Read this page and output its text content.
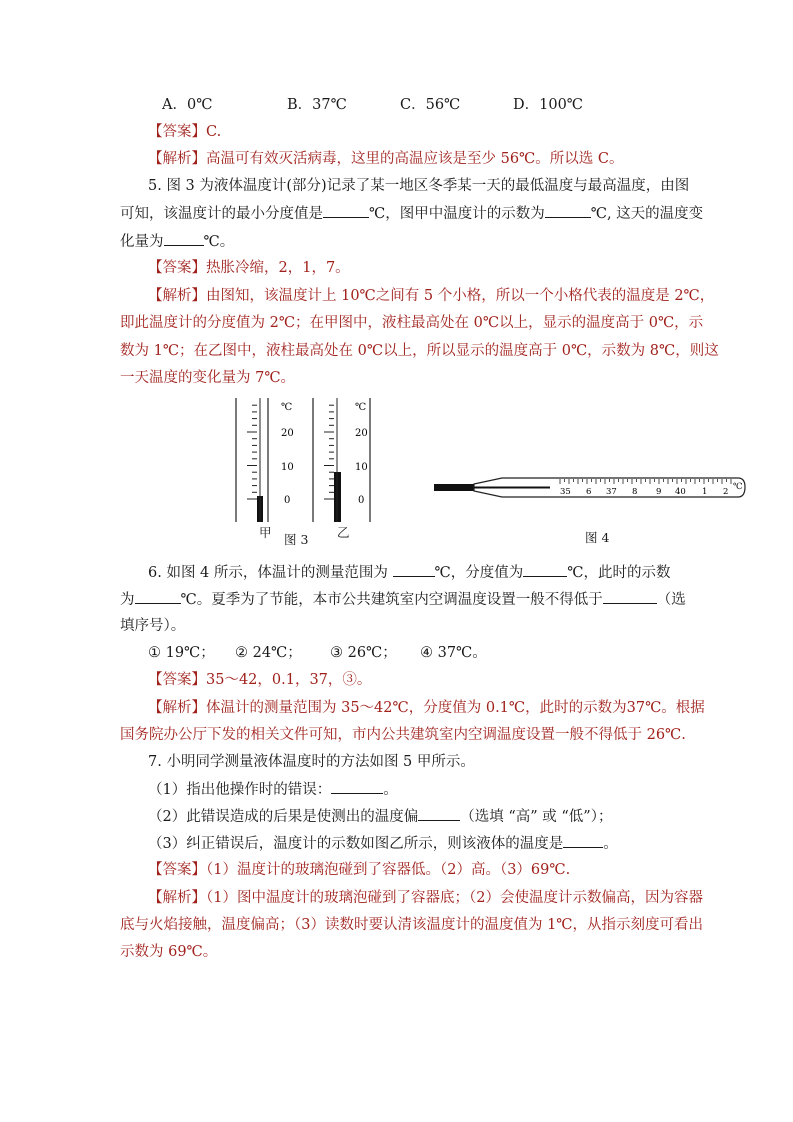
A．0℃	B．37℃	C．56℃	D．100℃
【答案】C.
【解析】高温可有效灭活病毒，这里的高温应该是至少 56℃。所以选 C。
5. 图 3 为液体温度计(部分)记录了某一地区冬季某一天的最低温度与最高温度，由图
可知，该温度计的最小分度值是	℃，图甲中温度计的示数为	℃, 这天的温度变
化量为	℃。
【答案】热胀冷缩，2，1，7。
【解析】由图知，该温度计上 10℃之间有 5 个小格，所以一个小格代表的温度是 2℃，
即此温度计的分度值为 2℃；在甲图中，液柱最高处在 0℃以上，显示的温度高于 0℃，示
数为 1℃；在乙图中，液柱最高处在 0℃以上，所以显示的温度高于 0℃，示数为 8℃，则这
一天温度的变化量为 7℃。
℃
20
10
0
℃
20
10
0
甲 图 3 乙
35 6 37 8 9 40 1 2 ℃
图 4
6. 如图 4 所示，体温计的测量范围为	℃，分度值为	℃，此时的示数
为	℃。夏季为了节能，本市公共建筑室内空调温度设置一般不得低于	（选
填序号）。
① 19℃； ② 24℃； ③ 26℃； ④ 37℃。
【答案】35～42，0.1，37，③。
【解析】体温计的测量范围为 35～42℃，分度值为 0.1℃，此时的示数为37℃。根据
国务院办公厅下发的相关文件可知，市内公共建筑室内空调温度设置一般不得低于 26℃.
7. 小明同学测量液体温度时的方法如图 5 甲所示。
（1）指出他操作时的错误：	。
（2）此错误造成的后果是使测出的温度偏	（选填 “高” 或 “低”）；
（3）纠正错误后，温度计的示数如图乙所示，则该液体的温度是	。
【答案】（1）温度计的玻璃泡碰到了容器低。（2）高。（3）69℃.
【解析】（1）图中温度计的玻璃泡碰到了容器底；（2）会使温度计示数偏高，因为容器
底与火焰接触，温度偏高；（3）读数时要认清该温度计的温度值为 1℃，从指示刻度可看出
示数为 69℃。
